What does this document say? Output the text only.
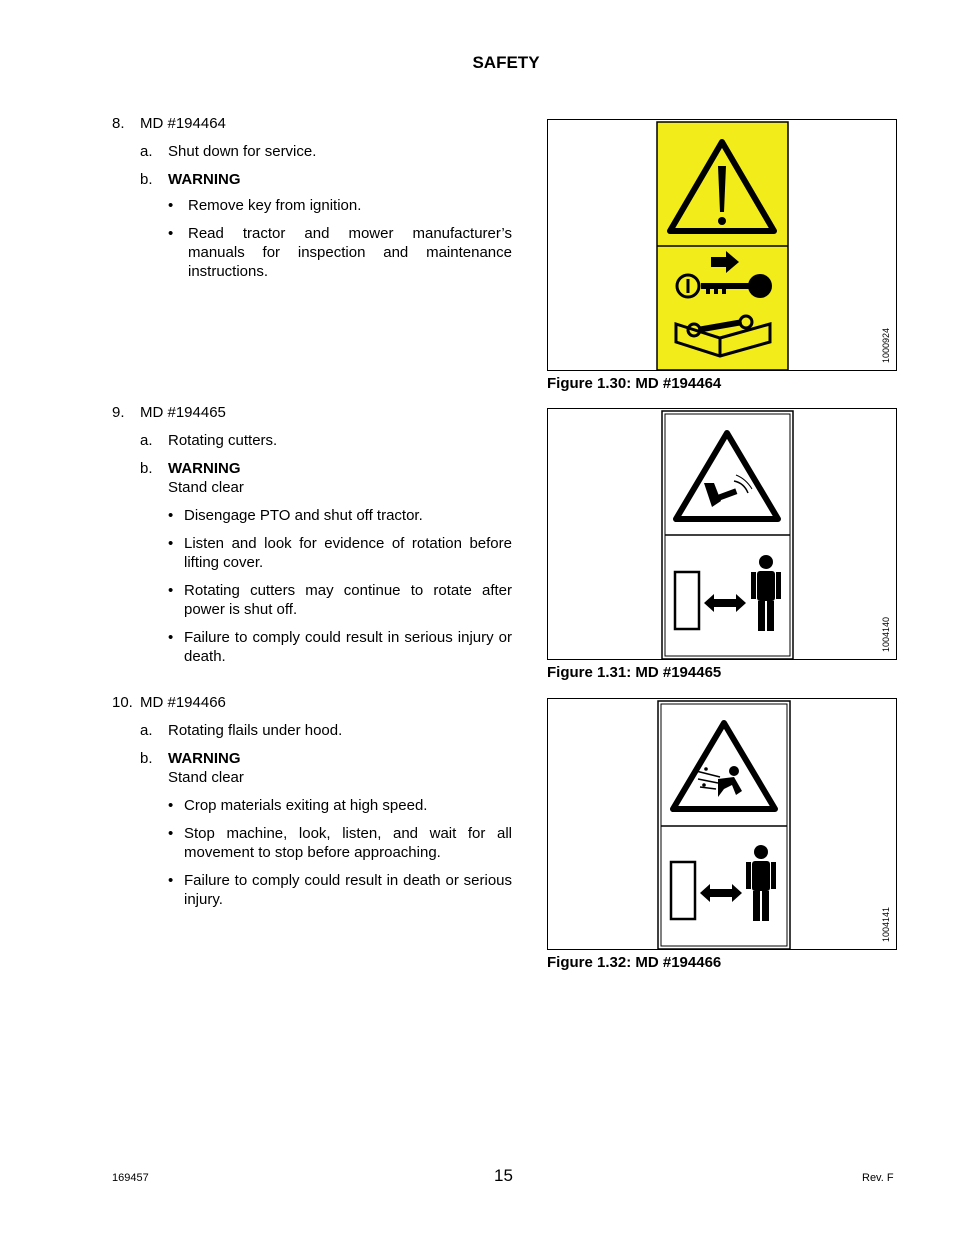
SAFETY
8. MD #194464
a. Shut down for service.
b. WARNING
• Remove key from ignition.
• Read tractor and mower manufacturer’s manuals for inspection and maintenance instructions.
9. MD #194465
a. Rotating cutters.
b. WARNING
Stand clear
• Disengage PTO and shut off tractor.
• Listen and look for evidence of rotation before lifting cover.
• Rotating cutters may continue to rotate after power is shut off.
• Failure to comply could result in serious injury or death.
10. MD #194466
a. Rotating flails under hood.
b. WARNING
Stand clear
• Crop materials exiting at high speed.
• Stop machine, look, listen, and wait for all movement to stop before approaching.
• Failure to comply could result in death or serious injury.
1000924
Figure 1.30: MD #194464
1004140
Figure 1.31: MD #194465
1004141
Figure 1.32: MD #194466
169457	15	Rev. F
